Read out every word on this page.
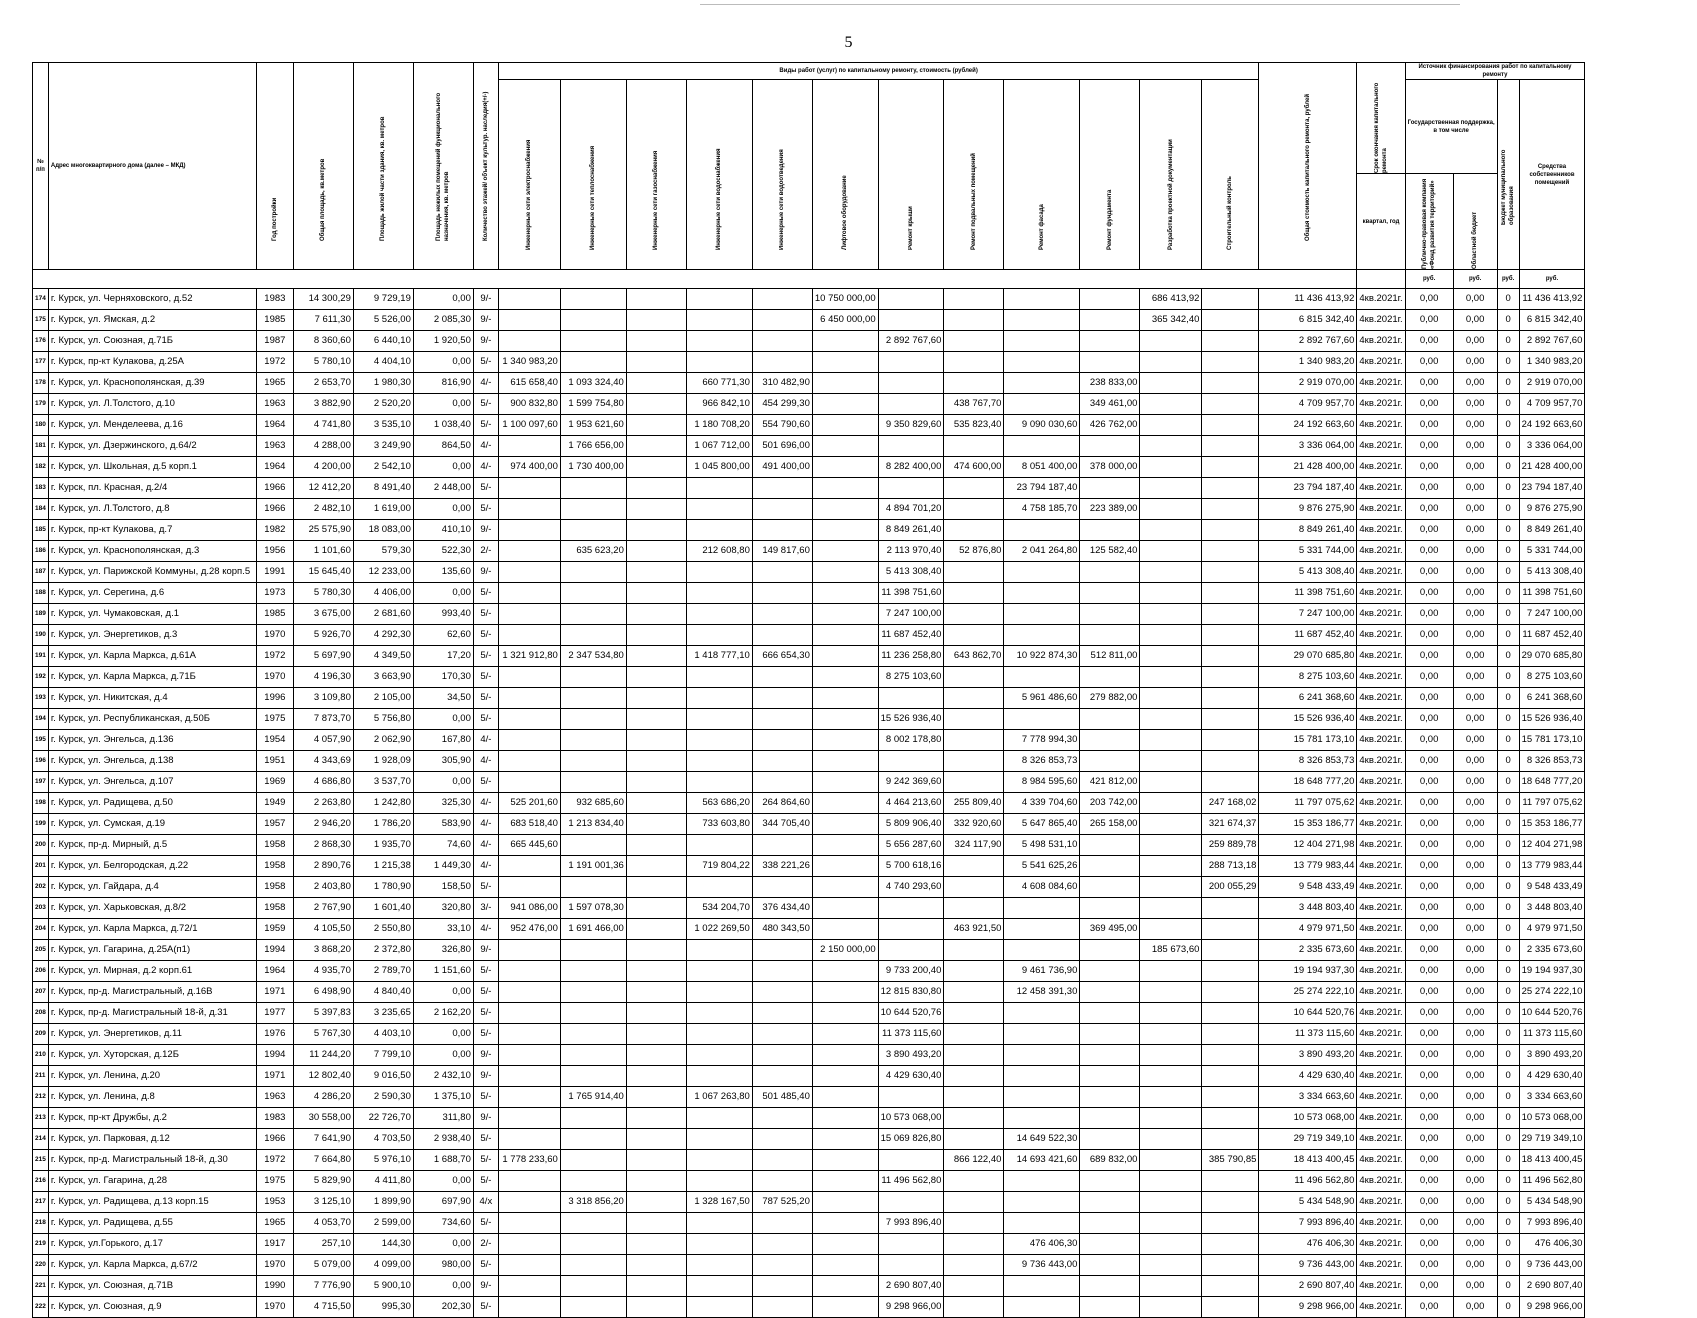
5
№ п/п	Адрес многоквартирного дома (далее – МКД)	Год постройки	Общая площадь, кв.метров	Площадь жилой части здания, кв. метров	Площадь нежилых помещений функционального назначения, кв. метров	Количество этажей/ объект культур. наследия(+/-)	Виды работ (услуг) по капитальному ремонту, стоимость (рублей)												Общая стоимость капитального ремонта, рублей	Срок окончания капитального ремонта	Источник финансирования работ по капитальному ремонту			

							Инженерные сети электроснабжения	Инженерные сети теплоснабжения	Инженерные сети газоснабжения	Инженерные сети водоснабжения	Инженерные сети водоотведения	Лифтовое оборудование	Ремонт крыши	Ремонт подвальных помещений	Ремонт фасада	Ремонт фундамента	Разработка проектной документации	Строительный контроль			Государственная поддержка, в том числе		Бюджет муниципального образования	Средства собственников помещений
																				квартал, год	Публично-правовая компания «Фонд развития территорий»	Областной бюджет		

																					руб.	руб.	руб.	руб.
174	г. Курск, ул. Черняховского, д.52	1983	14 300,29	9 729,19	0,00	9/-						10 750 000,00					686 413,92		11 436 413,92	4кв.2021г.	0,00	0,00	0	11 436 413,92
175	г. Курск, ул. Ямская, д.2	1985	7 611,30	5 526,00	2 085,30	9/-						6 450 000,00					365 342,40		6 815 342,40	4кв.2021г.	0,00	0,00	0	6 815 342,40
176	г. Курск, ул. Союзная, д.71Б	1987	8 360,60	6 440,10	1 920,50	9/-							2 892 767,60						2 892 767,60	4кв.2021г.	0,00	0,00	0	2 892 767,60
177	г. Курск, пр-кт Кулакова, д.25А	1972	5 780,10	4 404,10	0,00	5/-	1 340 983,20												1 340 983,20	4кв.2021г.	0,00	0,00	0	1 340 983,20
178	г. Курск, ул. Краснополянская, д.39	1965	2 653,70	1 980,30	816,90	4/-	615 658,40	1 093 324,40		660 771,30	310 482,90					238 833,00			2 919 070,00	4кв.2021г.	0,00	0,00	0	2 919 070,00
179	г. Курск, ул. Л.Толстого, д.10	1963	3 882,90	2 520,20	0,00	5/-	900 832,80	1 599 754,80		966 842,10	454 299,30			438 767,70		349 461,00			4 709 957,70	4кв.2021г.	0,00	0,00	0	4 709 957,70
180	г. Курск, ул. Менделеева, д.16	1964	4 741,80	3 535,10	1 038,40	5/-	1 100 097,60	1 953 621,60		1 180 708,20	554 790,60		9 350 829,60	535 823,40	9 090 030,60	426 762,00			24 192 663,60	4кв.2021г.	0,00	0,00	0	24 192 663,60
181	г. Курск, ул. Дзержинского, д.64/2	1963	4 288,00	3 249,90	864,50	4/-		1 766 656,00		1 067 712,00	501 696,00								3 336 064,00	4кв.2021г.	0,00	0,00	0	3 336 064,00
182	г. Курск, ул. Школьная, д.5 корп.1	1964	4 200,00	2 542,10	0,00	4/-	974 400,00	1 730 400,00		1 045 800,00	491 400,00		8 282 400,00	474 600,00	8 051 400,00	378 000,00			21 428 400,00	4кв.2021г.	0,00	0,00	0	21 428 400,00
183	г. Курск, пл. Красная, д.2/4	1966	12 412,20	8 491,40	2 448,00	5/-									23 794 187,40				23 794 187,40	4кв.2021г.	0,00	0,00	0	23 794 187,40
184	г. Курск, ул. Л.Толстого, д.8	1966	2 482,10	1 619,00	0,00	5/-							4 894 701,20		4 758 185,70	223 389,00			9 876 275,90	4кв.2021г.	0,00	0,00	0	9 876 275,90
185	г. Курск, пр-кт Кулакова, д.7	1982	25 575,90	18 083,00	410,10	9/-							8 849 261,40						8 849 261,40	4кв.2021г.	0,00	0,00	0	8 849 261,40
186	г. Курск, ул. Краснополянская, д.3	1956	1 101,60	579,30	522,30	2/-		635 623,20		212 608,80	149 817,60		2 113 970,40	52 876,80	2 041 264,80	125 582,40			5 331 744,00	4кв.2021г.	0,00	0,00	0	5 331 744,00
187	г. Курск, ул. Парижской Коммуны, д.28 корп.5	1991	15 645,40	12 233,00	135,60	9/-							5 413 308,40						5 413 308,40	4кв.2021г.	0,00	0,00	0	5 413 308,40
188	г. Курск, ул. Серегина, д.6	1973	5 780,30	4 406,00	0,00	5/-							11 398 751,60						11 398 751,60	4кв.2021г.	0,00	0,00	0	11 398 751,60
189	г. Курск, ул. Чумаковская, д.1	1985	3 675,00	2 681,60	993,40	5/-							7 247 100,00						7 247 100,00	4кв.2021г.	0,00	0,00	0	7 247 100,00
190	г. Курск, ул. Энергетиков, д.3	1970	5 926,70	4 292,30	62,60	5/-							11 687 452,40						11 687 452,40	4кв.2021г.	0,00	0,00	0	11 687 452,40
191	г. Курск, ул. Карла Маркса, д.61А	1972	5 697,90	4 349,50	17,20	5/-	1 321 912,80	2 347 534,80		1 418 777,10	666 654,30		11 236 258,80	643 862,70	10 922 874,30	512 811,00			29 070 685,80	4кв.2021г.	0,00	0,00	0	29 070 685,80
192	г. Курск, ул. Карла Маркса, д.71Б	1970	4 196,30	3 663,90	170,30	5/-							8 275 103,60						8 275 103,60	4кв.2021г.	0,00	0,00	0	8 275 103,60
193	г. Курск, ул. Никитская, д.4	1996	3 109,80	2 105,00	34,50	5/-									5 961 486,60	279 882,00			6 241 368,60	4кв.2021г.	0,00	0,00	0	6 241 368,60
194	г. Курск, ул. Республиканская, д.50Б	1975	7 873,70	5 756,80	0,00	5/-							15 526 936,40						15 526 936,40	4кв.2021г.	0,00	0,00	0	15 526 936,40
195	г. Курск, ул. Энгельса, д.136	1954	4 057,90	2 062,90	167,80	4/-							8 002 178,80		7 778 994,30				15 781 173,10	4кв.2021г.	0,00	0,00	0	15 781 173,10
196	г. Курск, ул. Энгельса, д.138	1951	4 343,69	1 928,09	305,90	4/-									8 326 853,73				8 326 853,73	4кв.2021г.	0,00	0,00	0	8 326 853,73
197	г. Курск, ул. Энгельса, д.107	1969	4 686,80	3 537,70	0,00	5/-							9 242 369,60		8 984 595,60	421 812,00			18 648 777,20	4кв.2021г.	0,00	0,00	0	18 648 777,20
198	г. Курск, ул. Радищева, д.50	1949	2 263,80	1 242,80	325,30	4/-	525 201,60	932 685,60		563 686,20	264 864,60		4 464 213,60	255 809,40	4 339 704,60	203 742,00		247 168,02	11 797 075,62	4кв.2021г.	0,00	0,00	0	11 797 075,62
199	г. Курск, ул. Сумская, д.19	1957	2 946,20	1 786,20	583,90	4/-	683 518,40	1 213 834,40		733 603,80	344 705,40		5 809 906,40	332 920,60	5 647 865,40	265 158,00		321 674,37	15 353 186,77	4кв.2021г.	0,00	0,00	0	15 353 186,77
200	г. Курск, пр-д. Мирный, д.5	1958	2 868,30	1 935,70	74,60	4/-	665 445,60						5 656 287,60	324 117,90	5 498 531,10			259 889,78	12 404 271,98	4кв.2021г.	0,00	0,00	0	12 404 271,98
201	г. Курск, ул. Белгородская, д.22	1958	2 890,76	1 215,38	1 449,30	4/-		1 191 001,36		719 804,22	338 221,26		5 700 618,16		5 541 625,26			288 713,18	13 779 983,44	4кв.2021г.	0,00	0,00	0	13 779 983,44
202	г. Курск, ул. Гайдара, д.4	1958	2 403,80	1 780,90	158,50	5/-							4 740 293,60		4 608 084,60			200 055,29	9 548 433,49	4кв.2021г.	0,00	0,00	0	9 548 433,49
203	г. Курск, ул. Харьковская, д.8/2	1958	2 767,90	1 601,40	320,80	3/-	941 086,00	1 597 078,30		534 204,70	376 434,40								3 448 803,40	4кв.2021г.	0,00	0,00	0	3 448 803,40
204	г. Курск, ул. Карла Маркса, д.72/1	1959	4 105,50	2 550,80	33,10	4/-	952 476,00	1 691 466,00		1 022 269,50	480 343,50			463 921,50		369 495,00			4 979 971,50	4кв.2021г.	0,00	0,00	0	4 979 971,50
205	г. Курск, ул. Гагарина, д.25А(п1)	1994	3 868,20	2 372,80	326,80	9/-						2 150 000,00					185 673,60		2 335 673,60	4кв.2021г.	0,00	0,00	0	2 335 673,60
206	г. Курск, ул. Мирная, д.2 корп.61	1964	4 935,70	2 789,70	1 151,60	5/-							9 733 200,40		9 461 736,90				19 194 937,30	4кв.2021г.	0,00	0,00	0	19 194 937,30
207	г. Курск, пр-д. Магистральный, д.16В	1971	6 498,90	4 840,40	0,00	5/-							12 815 830,80		12 458 391,30				25 274 222,10	4кв.2021г.	0,00	0,00	0	25 274 222,10
208	г. Курск, пр-д. Магистральный 18-й, д.31	1977	5 397,83	3 235,65	2 162,20	5/-							10 644 520,76						10 644 520,76	4кв.2021г.	0,00	0,00	0	10 644 520,76
209	г. Курск, ул. Энергетиков, д.11	1976	5 767,30	4 403,10	0,00	5/-							11 373 115,60						11 373 115,60	4кв.2021г.	0,00	0,00	0	11 373 115,60
210	г. Курск, ул. Хуторская, д.12Б	1994	11 244,20	7 799,10	0,00	9/-							3 890 493,20						3 890 493,20	4кв.2021г.	0,00	0,00	0	3 890 493,20
211	г. Курск, ул. Ленина, д.20	1971	12 802,40	9 016,50	2 432,10	9/-							4 429 630,40						4 429 630,40	4кв.2021г.	0,00	0,00	0	4 429 630,40
212	г. Курск, ул. Ленина, д.8	1963	4 286,20	2 590,30	1 375,10	5/-		1 765 914,40		1 067 263,80	501 485,40								3 334 663,60	4кв.2021г.	0,00	0,00	0	3 334 663,60
213	г. Курск, пр-кт Дружбы, д.2	1983	30 558,00	22 726,70	311,80	9/-							10 573 068,00						10 573 068,00	4кв.2021г.	0,00	0,00	0	10 573 068,00
214	г. Курск, ул. Парковая, д.12	1966	7 641,90	4 703,50	2 938,40	5/-							15 069 826,80		14 649 522,30				29 719 349,10	4кв.2021г.	0,00	0,00	0	29 719 349,10
215	г. Курск, пр-д. Магистральный 18-й, д.30	1972	7 664,80	5 976,10	1 688,70	5/-	1 778 233,60							866 122,40	14 693 421,60	689 832,00		385 790,85	18 413 400,45	4кв.2021г.	0,00	0,00	0	18 413 400,45
216	г. Курск, ул. Гагарина, д.28	1975	5 829,90	4 411,80	0,00	5/-							11 496 562,80						11 496 562,80	4кв.2021г.	0,00	0,00	0	11 496 562,80
217	г. Курск, ул. Радищева, д.13 корп.15	1953	3 125,10	1 899,90	697,90	4/х		3 318 856,20		1 328 167,50	787 525,20								5 434 548,90	4кв.2021г.	0,00	0,00	0	5 434 548,90
218	г. Курск, ул. Радищева, д.55	1965	4 053,70	2 599,00	734,60	5/-							7 993 896,40						7 993 896,40	4кв.2021г.	0,00	0,00	0	7 993 896,40
219	г. Курск, ул.Горького, д.17	1917	257,10	144,30	0,00	2/-									476 406,30				476 406,30	4кв.2021г.	0,00	0,00	0	476 406,30
220	г. Курск, ул. Карла Маркса, д.67/2	1970	5 079,00	4 099,00	980,00	5/-									9 736 443,00				9 736 443,00	4кв.2021г.	0,00	0,00	0	9 736 443,00
221	г. Курск, ул. Союзная, д.71В	1990	7 776,90	5 900,10	0,00	9/-							2 690 807,40						2 690 807,40	4кв.2021г.	0,00	0,00	0	2 690 807,40
222	г. Курск, ул. Союзная, д.9	1970	4 715,50	995,30	202,30	5/-							9 298 966,00						9 298 966,00	4кв.2021г.	0,00	0,00	0	9 298 966,00
